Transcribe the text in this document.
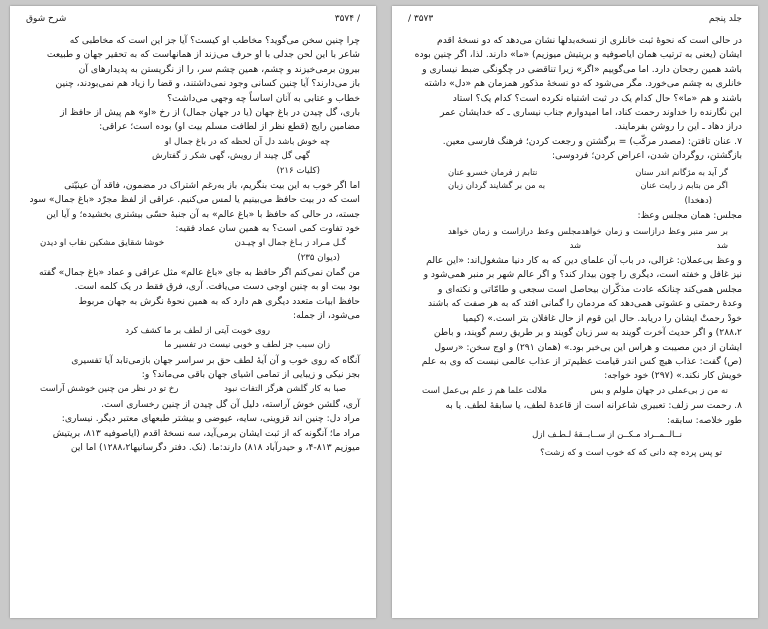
۳۵۷۴ /
شرح شوق

چرا چنین سخن می‌گوید؟ مخاطب او کیست؟ آیا جز این است که مخاطبی که

شاعر با این لحن جدلی با او حرف می‌زند از همانهاست که به تحقیر جهان و طبیعت

بیرون برمی‌خیزند و چشم، همین چشم سر، را از نگریستن به پدیدارهای آن

باز می‌دارند؟ آیا چنین کسانی وجود نمی‌داشتند، و قضا را زیاد هم نمی‌بودند، چنین

خطاب و عتابی به آنان اساساً چه وجهی می‌داشت؟

باری، گل چیدن در باغ جهان (یا در جهان جمال) از رخ «او» هم پیش از حافظ از

مضامین رایج (قطع نظر از لطافت مسلم بیت او) بوده است؛ عراقی:

چه خوش باشد دل آن لحظه که در باغ جمال او
گهی گل چیند از رویش، گهی شکر ز گفتارش
(کلیات ۲۱۶)

اما اگر خوب به این بیت بنگریم، باز به‌رغم اشتراک در مضمون، فاقد آن عینیّتی

است که در بیت حافظ می‌بینیم یا لمس می‌کنیم. عراقی از لفظ مجرّد «باغ جمال» سود

جسته، در حالی که حافظ با «باغ عالم» به آن جنبهٔ حسّی بیشتری بخشیده؛ و آیا این

خود تفاوت کمی است؟ به همین سان عماد فقیه:

گـل مـراد ز بـاغ جمال او چیـدن
خوشا شقایق مشکین نقاب او دیدن
(دیوان ۲۳۵)

من گمان نمی‌کنم اگر حافظ به جای «باغ عالم» مثل عراقی و عماد «باغ جمال» گفته

بود بیت او به چنین اوجی دست می‌یافت. آری، فرق فقط در یک کلمه است.

حافظ ابیات متعدد دیگری هم دارد که به همین نحوهٔ نگرش به جهان مربوط

می‌شود، از جمله:

روی خوبت آیتی از لطف بر ما کشف کرد
زان سبب جز لطف و خوبی نیست در تفسیر ما

آنگاه که روی خوب و آن آیهٔ لطف حق بر سراسر جهان بازمی‌تابد آیا تفسیری

بجز نیکی و زیبایی از تمامی اشیای جهان باقی می‌ماند؟ و:

صبا به کار گلشن هرگز التفات نبود
رخ تو در نظر من چنین خوشش آراست

آری، گلشن خوش آراسته، دلیل آن گل چیدن از چنین رخساری است.

مراد دل: چنین اند قزوینی، سایه، عیوضی و بیشتر طبعهای معتبر دیگر. نیساری:

مراد ما؛ آنگونه که از ثبت ایشان برمی‌آید، سه نسخهٔ اقدم (ایاصوفیه ۸۱۳، بریتیش

میوزیم ۸۱۳-۴، و حیدرآباد ۸۱۸) دارند:ما. (نک. دفتر دگرسانیها۱۲۸۸،۲) اما این

جلد پنجم
/ ۳۵۷۳

در حالی است که نحوهٔ ثبت خانلری از نسخه‌بدلها نشان می‌دهد که دو نسخهٔ اقدم

ایشان (یعنی به ترتیب همان ایاصوفیه و بریتیش میوزیم) «ما» دارند. لذا، اگر چنین بوده

باشد همین رجحان دارد. اما می‌گوییم «اگر» زیرا تناقضی در چگونگی ضبط نیساری و

خانلری به چشم می‌خورد. مگر می‌شود که دو نسخهٔ مذکور همزمان هم «دل» داشته

باشند و هم «ما»؟ حال کدام یک در ثبت اشتباه نکرده است؟ کدام یک؟ استاد

این نگارنده را خداوند رحمت کناد، اما امیدوارم جناب نیساری ـ که خدایشان عمر

دراز دهاد ـ این را روشن بفرمایند.

۷. عنان تافتن: (مصدر مرکّب) = برگشتن و رجعت کردن؛ فرهنگ فارسی معین.

بازگشتن، روگردان شدن، اعراض کردن؛ فردوسی:

گر آید به مژگانم اندر سنان
نتابم ز فرمان خسرو عنان
اگر من بتابم ز رایت عنان
به من بر گشایند گردان زبان
(دهخدا)

مجلس: همان مجلس وعظ:

بر سر منبر وعظ درازاست و زمان خواهد شد
مجلس وعظ درازاست و زمان خواهد شد

و وعظ بی‌عملان: غزالی، در باب آن علمای دین که به کار دنیا مشغول‌اند: «این عالم

نیز غافل و خفته است، دیگری را چون بیدار کند؟ و اگر عالم شهر بر منبر همی‌شود و

مجلس همی‌کند چنانکه عادت مذکّران بیحاصل است سجعی و طامّاتی و نکته‌ای و

وعدهٔ رحمتی و عشوتی همی‌دهد که مردمان را گمانی افتد که به هر صفت که باشند

خودْ رحمتْ ایشان را دریابد. حال این قوم از حال غافلان بتر است.» (کیمیا

۲۸۸،۲) و اگر حدیث آخرت گویند به سر زبان گویند و بر طریق رسم گویند، و باطن

ایشان از دین مصیبت و هراس این بی‌خبر بود.» (همان ۲۹۱) و اوج سخن: «رسول

(ص) گفت: عذاب هیچ کس اندر قیامت عظیم‌تر از عذاب عالمی نیست که وی به علم

خویش کار نکند.» (۲۹۷) خود خواجه:

نه من ز بی‌عملی در جهان ملولم و بس
ملالت علما هم ز علم بی‌عمل است

۸. رحمت سر زلف: تعبیری شاعرانه است از قاعدهٔ لطف، یا سابقهٔ لطف. یا به

طور خلاصه: سابقه:

نــالــمــراد مـکــن از ســابــقهٔ لـطـف ازل
تو پس پرده چه دانی که که خوب است و که زشت؟
